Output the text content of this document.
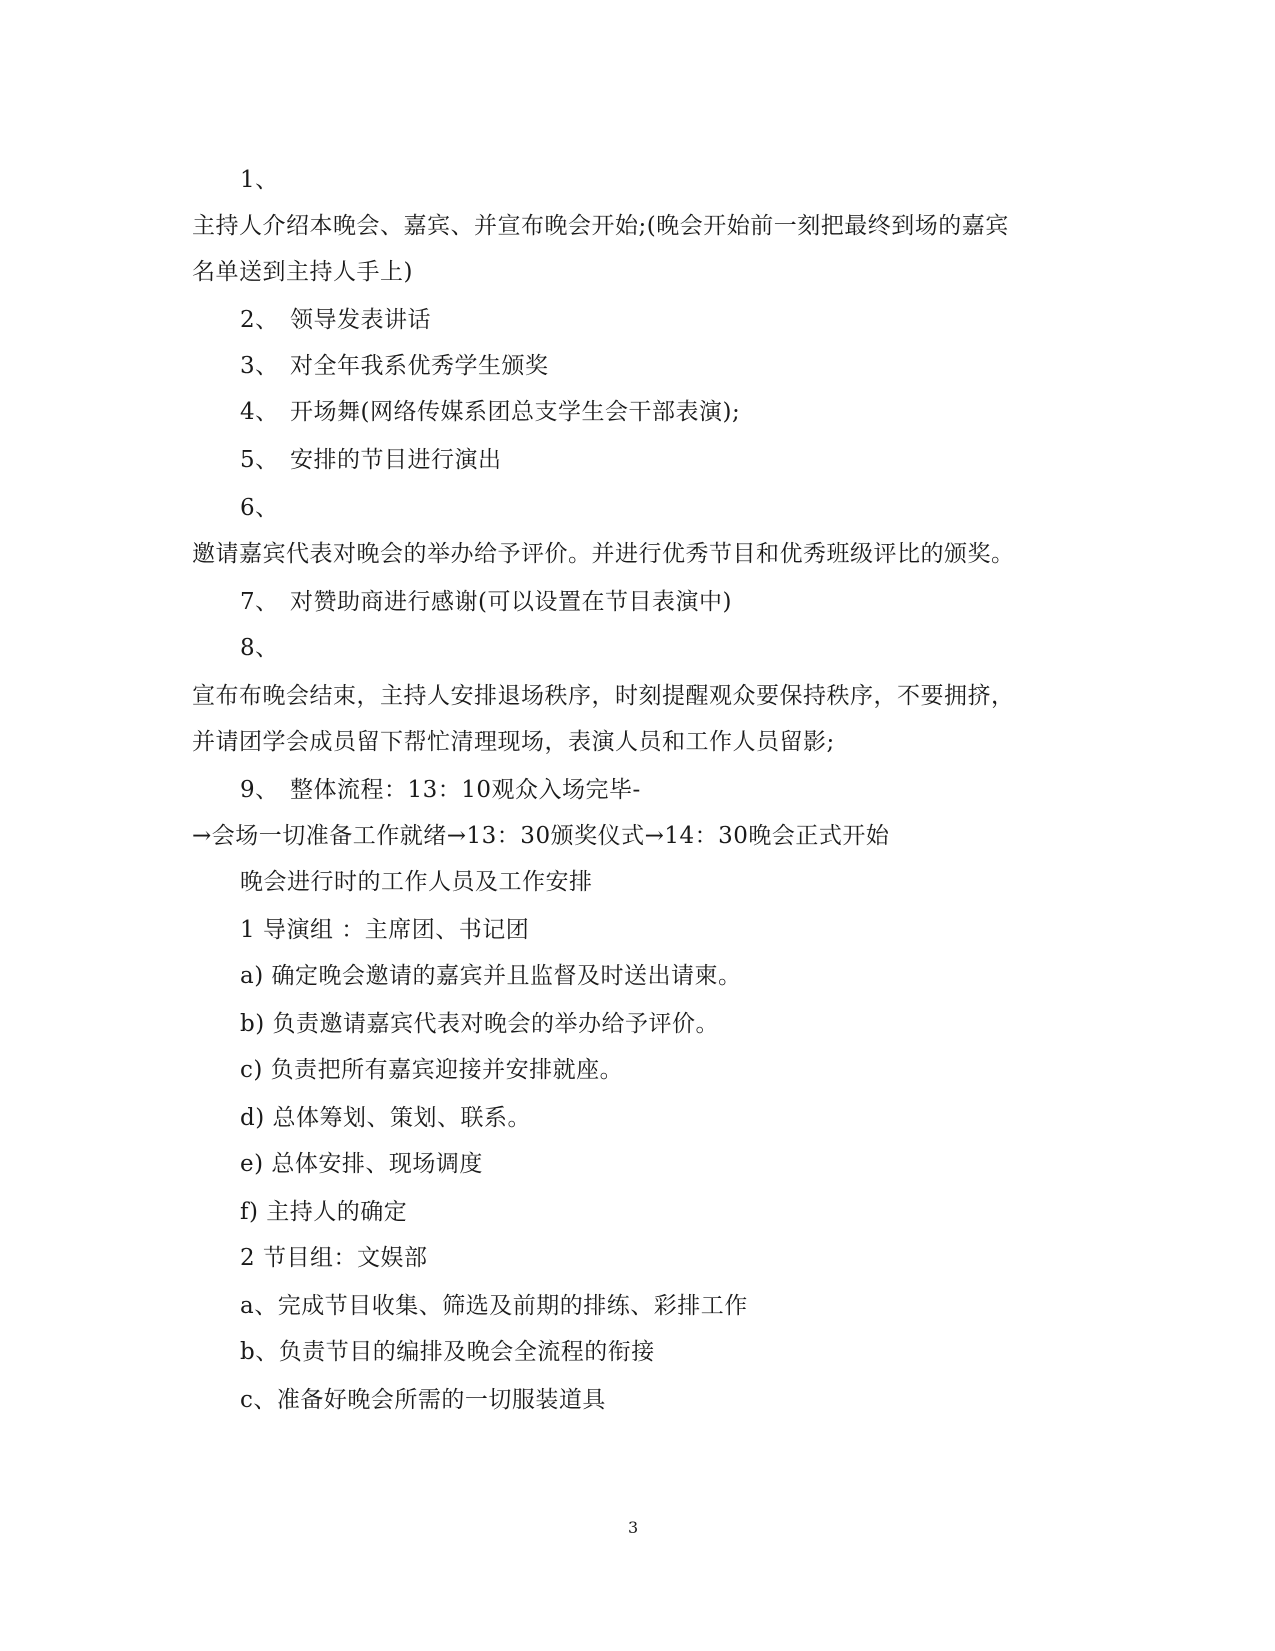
1、
主持人介绍本晚会、嘉宾、并宣布晚会开始;(晚会开始前一刻把最终到场的嘉宾
名单送到主持人手上)
2、 领导发表讲话
3、 对全年我系优秀学生颁奖
4、 开场舞(网络传媒系团总支学生会干部表演);
5、 安排的节目进行演出
6、
邀请嘉宾代表对晚会的举办给予评价。并进行优秀节目和优秀班级评比的颁奖。
7、 对赞助商进行感谢(可以设置在节目表演中)
8、
宣布布晚会结束，主持人安排退场秩序，时刻提醒观众要保持秩序，不要拥挤，
并请团学会成员留下帮忙清理现场，表演人员和工作人员留影;
9、 整体流程：13：10观众入场完毕-
→会场一切准备工作就绪→13：30颁奖仪式→14：30晚会正式开始
晚会进行时的工作人员及工作安排
1 导演组 ：主席团、书记团
a) 确定晚会邀请的嘉宾并且监督及时送出请柬。
b) 负责邀请嘉宾代表对晚会的举办给予评价。
c) 负责把所有嘉宾迎接并安排就座。
d) 总体筹划、策划、联系。
e) 总体安排、现场调度
f) 主持人的确定
2 节目组：文娱部
a、完成节目收集、筛选及前期的排练、彩排工作
b、负责节目的编排及晚会全流程的衔接
c、准备好晚会所需的一切服装道具
3
